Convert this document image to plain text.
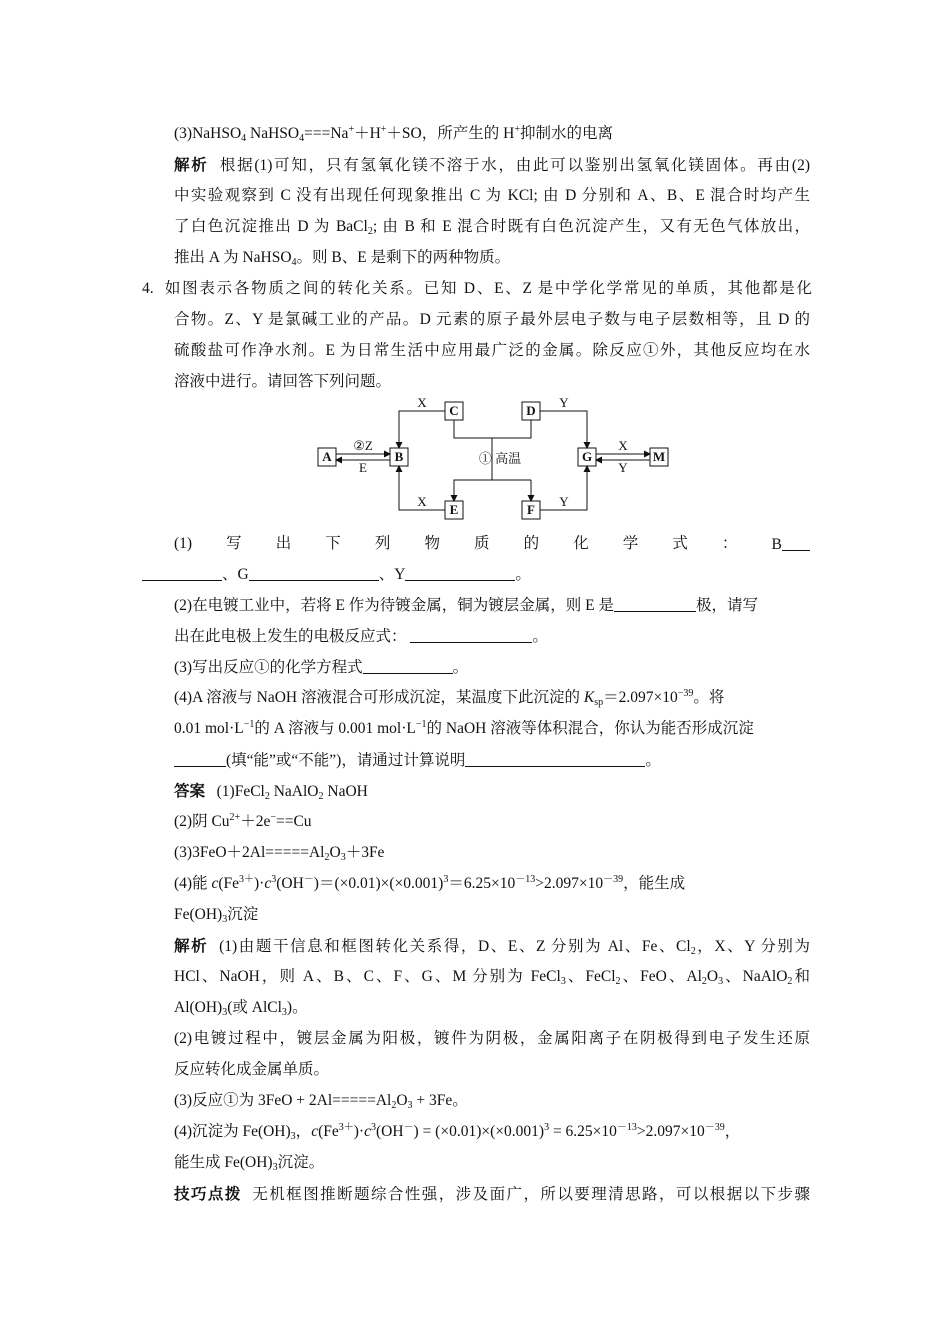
(3)NaHSO$_4$ NaHSO$_4$===Na+＋H+＋SO，所产生的 H+抑制水的电离
解析 根据(1)可知，只有氢氧化镁不溶于水，由此可以鉴别出氢氧化镁固体。再由(2)
中实验观察到 C 没有出现任何现象推出 C 为 KCl; 由 D 分别和 A、B、E 混合时均产生
了白色沉淀推出 D 为 BaCl$_2$; 由 B 和 E 混合时既有白色沉淀产生，又有无色气体放出，
推出 A 为 NaHSO$_4$。则 B、E 是剩下的两种物质。
4. 如图表示各物质之间的转化关系。已知 D、E、Z 是中学化学常见的单质，其他都是化
合物。Z、Y 是氯碱工业的产品。D 元素的原子最外层电子数与电子层数相等，且 D 的
硫酸盐可作净水剂。E 为日常生活中应用最广泛的金属。除反应①外，其他反应均在水
溶液中进行。请回答下列问题。
A	B
C	D
E	F
G	M
X	Y
X	Y
②Z
E
X
Y
① 高温
(1) 写 出 下 列 物 质 的 化 学 式 ： B
、G	、Y	。
(2)在电镀工业中，若将 E 作为待镀金属，铜为镀层金属，则 E 是	极，请写
出在此电极上发生的电极反应式：	。
(3)写出反应①的化学方程式	。
(4)A 溶液与 NaOH 溶液混合可形成沉淀，某温度下此沉淀的 $K_{sp}=2.097\times 10^{-39}$。将
0.01 $mol\cdot L^{-1}$的 A 溶液与 0.001 $mol\cdot L^{-1}$的 NaOH 溶液等体积混合，你认为能否形成沉淀
(填“能”或“不能”)，请通过计算说明	。
答案 (1)FeCl$_2$ NaAlO$_2$ NaOH
(2)阴 $Cu^{2+}+2e^-==Cu$
$(3)3FeO+2Al=====Al_2O_3+3Fe$
(4)能 $c(Fe^{3+})\cdot c^3(OH^-)=(\times 0.01)\times(\times 0.001)^3=6.25\times 10^{-13}>2.097\times 10^{-39}$，能生成
$Fe(OH)_3$沉淀
解析 (1)由题干信息和框图转化关系得，D、E、Z 分别为 Al、Fe、$Cl_2$，X、Y 分别为
HCl、NaOH，则 A、B、C、F、G、M 分别为 FeCl$_3$、FeCl$_2$、FeO、$Al_2O_3$、NaAlO$_2$和
$Al(OH)_3$(或 AlCl$_3$)。
(2)电镀过程中，镀层金属为阳极，镀件为阴极，金属阳离子在阴极得到电子发生还原
反应转化成金属单质。
(3)反应①为 $3FeO + 2Al=====Al_2O_3 + 3Fe$。
(4)沉淀为 $Fe(OH)_3$，$c(Fe^{3+})\cdot c^3(OH^-) = (\times 0.01)\times(\times 0.001)^3 = 6.25\times 10^{-13}>2.097\times 10^{-39}$，
能生成 $Fe(OH)_3$沉淀。
技巧点拨 无机框图推断题综合性强，涉及面广，所以要理清思路，可以根据以下步骤
